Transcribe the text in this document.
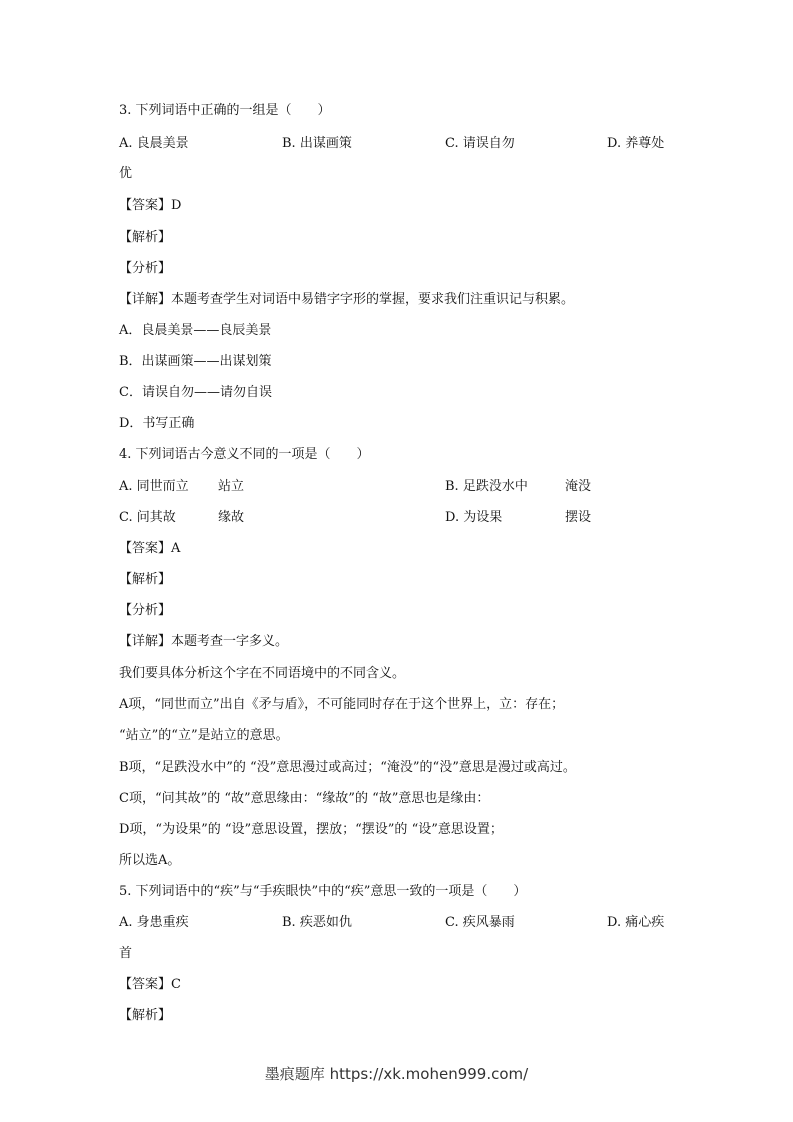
3. 下列词语中正确的一组是（　　）
A. 良晨美景	B. 出谋画策	C. 请误自勿	D. 养尊处
优
【答案】D
【解析】
【分析】
【详解】本题考查学生对词语中易错字字形的掌握，要求我们注重识记与积累。
A．良晨美景——良辰美景
B．出谋画策——出谋划策
C．请误自勿——请勿自误
D．书写正确
4. 下列词语古今意义不同的一项是（　　）
A. 同世而立 站立	B. 足跌没水中	淹没
C. 问其故	缘故	D. 为设果	摆设
【答案】A
【解析】
【分析】
【详解】本题考查一字多义。
我们要具体分析这个字在不同语境中的不同含义。
A项，“同世而立”出自《矛与盾》，不可能同时存在于这个世界上，立：存在；
“站立”的“立”是站立的意思。
B项，“足跌没水中”的 “没”意思漫过或高过；“淹没”的“没”意思是漫过或高过。
C项，“问其故”的 “故”意思缘由：“缘故”的 “故”意思也是缘由：
D项，“为设果”的 “设”意思设置，摆放；“摆设”的 “设”意思设置；
所以选A。
5. 下列词语中的“疾”与“手疾眼快”中的“疾”意思一致的一项是（　　）
A. 身患重疾	B. 疾恶如仇	C. 疾风暴雨	D. 痛心疾
首
【答案】C
【解析】
墨痕题库 https://xk.mohen999.com/
